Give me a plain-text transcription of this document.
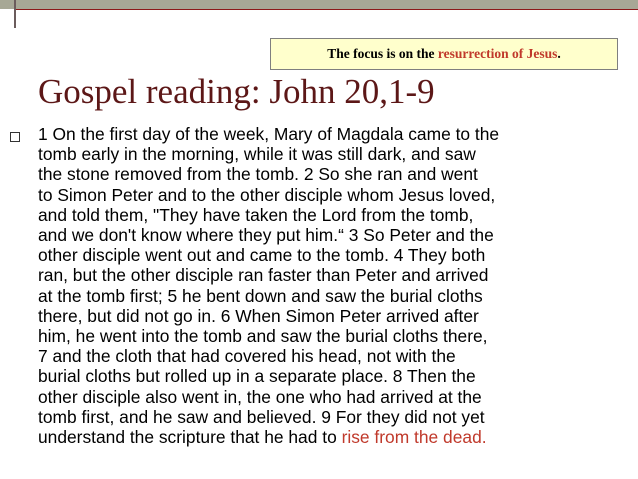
The focus is on the resurrection of Jesus.
Gospel reading: John 20,1-9

1 On the first day of the week, Mary of Magdala came to the
tomb early in the morning, while it was still dark, and saw
the stone removed from the tomb. 2 So she ran and went
to Simon Peter and to the other disciple whom Jesus loved,
and told them, "They have taken the Lord from the tomb,
and we don't know where they put him.“ 3 So Peter and the
other disciple went out and came to the tomb. 4 They both
ran, but the other disciple ran faster than Peter and arrived
at the tomb first; 5 he bent down and saw the burial cloths
there, but did not go in. 6 When Simon Peter arrived after
him, he went into the tomb and saw the burial cloths there,
7 and the cloth that had covered his head, not with the
burial cloths but rolled up in a separate place. 8 Then the
other disciple also went in, the one who had arrived at the
tomb first, and he saw and believed. 9 For they did not yet
understand the scripture that he had to rise from the dead.
